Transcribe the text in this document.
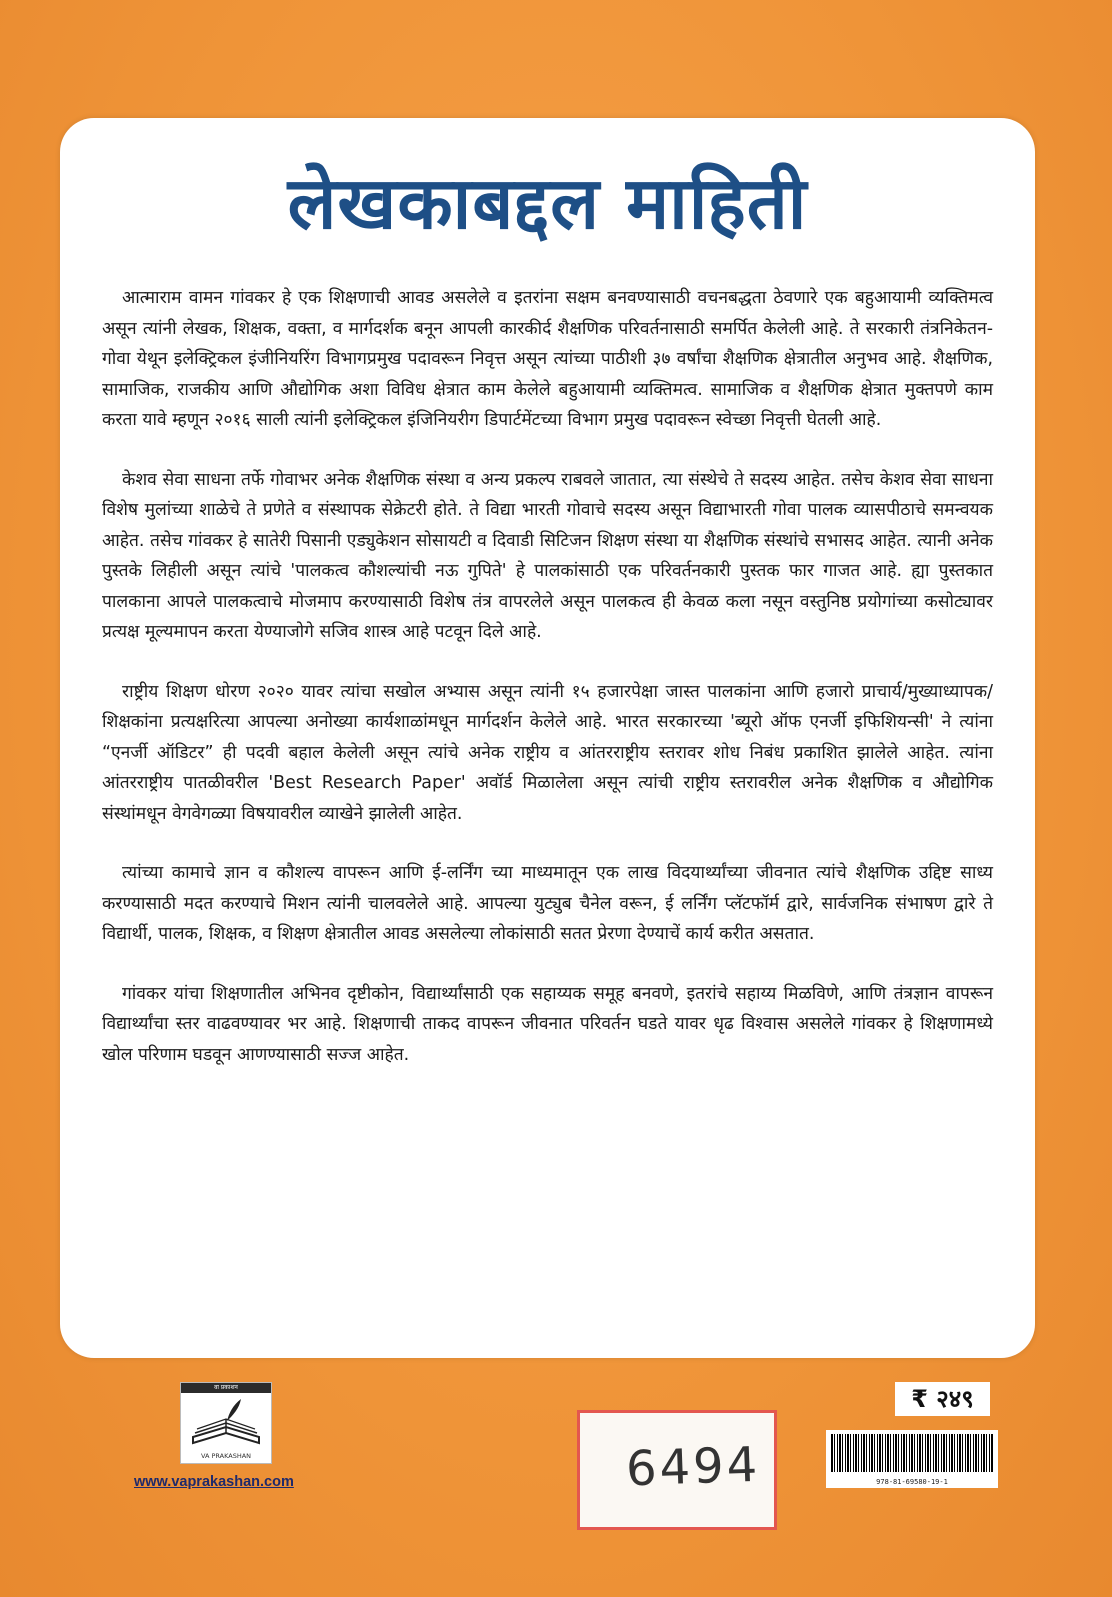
लेखकाबद्दल माहिती

आत्माराम वामन गांवकर हे एक शिक्षणाची आवड असलेले व इतरांना सक्षम बनवण्यासाठी वचनबद्धता ठेवणारे एक बहुआयामी व्यक्तिमत्व असून त्यांनी लेखक, शिक्षक, वक्ता, व मार्गदर्शक बनून आपली कारकीर्द शैक्षणिक परिवर्तनासाठी समर्पित केलेली आहे. ते सरकारी तंत्रनिकेतन-गोवा येथून इलेक्ट्रिकल इंजीनियरिंग विभागप्रमुख पदावरून निवृत्त असून त्यांच्या पाठीशी ३७ वर्षांचा शैक्षणिक क्षेत्रातील अनुभव आहे. शैक्षणिक, सामाजिक, राजकीय आणि औद्योगिक अशा विविध क्षेत्रात काम केलेले बहुआयामी व्यक्तिमत्व. सामाजिक व शैक्षणिक क्षेत्रात मुक्तपणे काम करता यावे म्हणून २०१६ साली त्यांनी इलेक्ट्रिकल इंजिनियरीग डिपार्टमेंटच्या विभाग प्रमुख पदावरून स्वेच्छा निवृत्ती घेतली आहे.

केशव सेवा साधना तर्फे गोवाभर अनेक शैक्षणिक संस्था व अन्य प्रकल्प राबवले जातात, त्या संस्थेचे ते सदस्य आहेत. तसेच केशव सेवा साधना विशेष मुलांच्या शाळेचे ते प्रणेते व संस्थापक सेक्रेटरी होते. ते विद्या भारती गोवाचे सदस्य असून विद्याभारती गोवा पालक व्यासपीठाचे समन्वयक आहेत. तसेच गांवकर हे सातेरी पिसानी एड्युकेशन सोसायटी व दिवाडी सिटिजन शिक्षण संस्था या शैक्षणिक संस्थांचे सभासद आहेत. त्यानी अनेक पुस्तके लिहीली असून त्यांचे 'पालकत्व कौशल्यांची नऊ गुपिते' हे पालकांसाठी एक परिवर्तनकारी पुस्तक फार गाजत आहे. ह्या पुस्तकात पालकाना आपले पालकत्वाचे मोजमाप करण्यासाठी विशेष तंत्र वापरलेले असून पालकत्व ही केवळ कला नसून वस्तुनिष्ठ प्रयोगांच्या कसोट्यावर प्रत्यक्ष मूल्यमापन करता येण्याजोगे सजिव शास्त्र आहे पटवून दिले आहे.

राष्ट्रीय शिक्षण धोरण २०२० यावर त्यांचा सखोल अभ्यास असून त्यांनी १५ हजारपेक्षा जास्त पालकांना आणि हजारो प्राचार्य/मुख्याध्यापक/शिक्षकांना प्रत्यक्षरित्या आपल्या अनोख्या कार्यशाळांमधून मार्गदर्शन केलेले आहे. भारत सरकारच्या 'ब्यूरो ऑफ एनर्जी इफिशियन्सी' ने त्यांना “एनर्जी ऑडिटर” ही पदवी बहाल केलेली असून त्यांचे अनेक राष्ट्रीय व आंतरराष्ट्रीय स्तरावर शोध निबंध प्रकाशित झालेले आहेत. त्यांना आंतरराष्ट्रीय पातळीवरील 'Best Research Paper' अवॉर्ड मिळालेला असून त्यांची राष्ट्रीय स्तरावरील अनेक शैक्षणिक व औद्योगिक संस्थांमधून वेगवेगळ्या विषयावरील व्याखेने झालेली आहेत.

त्यांच्या कामाचे ज्ञान व कौशल्य वापरून आणि ई-लर्निंग च्या माध्यमातून एक लाख विदयार्थ्यांच्या जीवनात त्यांचे शैक्षणिक उद्दिष्ट साध्य करण्यासाठी मदत करण्याचे मिशन त्यांनी चालवलेले आहे. आपल्या युट्युब चैनेल वरून, ई लर्निंग प्लॅटफॉर्म द्वारे, सार्वजनिक संभाषण द्वारे ते विद्यार्थी, पालक, शिक्षक, व शिक्षण क्षेत्रातील आवड असलेल्या लोकांसाठी सतत प्रेरणा देण्याचें कार्य करीत असतात.

गांवकर यांचा शिक्षणातील अभिनव दृष्टीकोन, विद्यार्थ्यांसाठी एक सहाय्यक समूह बनवणे, इतरांचे सहाय्य मिळविणे, आणि तंत्रज्ञान वापरून विद्यार्थ्यांचा स्तर वाढवण्यावर भर आहे. शिक्षणाची ताकद वापरून जीवनात परिवर्तन घडते यावर धृढ विश्वास असलेले गांवकर हे शिक्षणामध्ये खोल परिणाम घडवून आणण्यासाठी सज्ज आहेत.

वा प्रकाशन
VA PRAKASHAN
www.vaprakashan.com	6494
₹ २४९
978-81-69580-19-1
